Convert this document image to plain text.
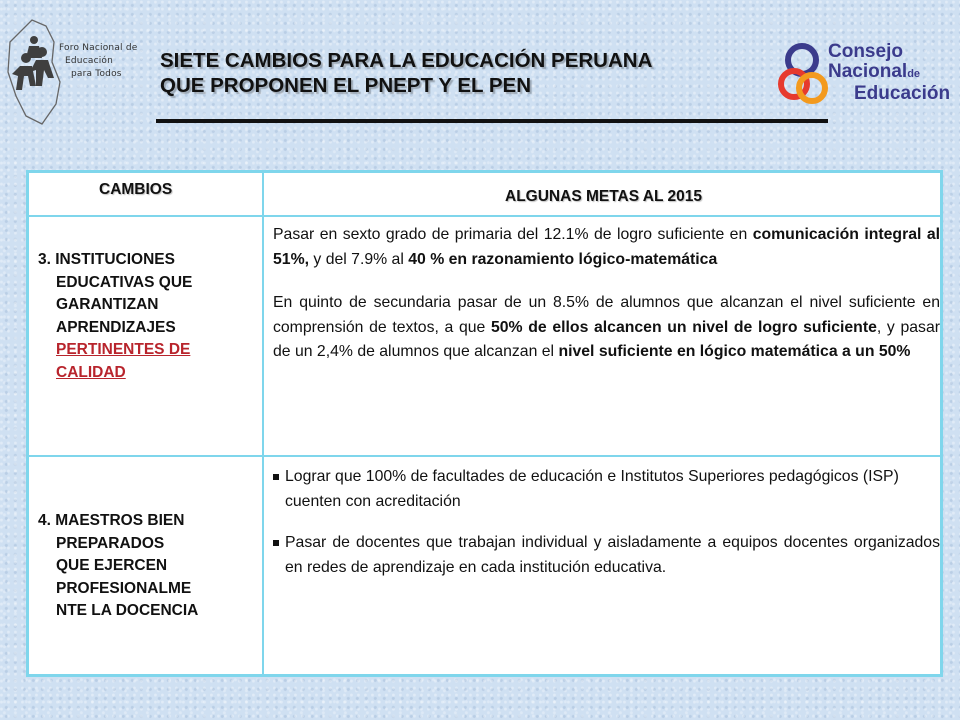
Foro Nacional de
Educación
para Todos
SIETE CAMBIOS PARA LA EDUCACIÓN PERUANA
QUE PROPONEN EL PNEPT Y EL PEN
Consejo
Nacionalde
Educación
CAMBIOS	ALGUNAS METAS AL 2015
3. INSTITUCIONES
EDUCATIVAS QUE
GARANTIZAN
APRENDIZAJES
PERTINENTES DE
CALIDAD

Pasar en sexto grado de primaria del 12.1% de logro suficiente en comunicación integral al 51%, y del 7.9% al 40 % en razonamiento lógico-matemática

En quinto de secundaria pasar de un 8.5% de alumnos que alcanzan el nivel suficiente en comprensión de textos, a que 50% de ellos alcancen un nivel de logro suficiente, y pasar de un 2,4% de alumnos que alcanzan el nivel suficiente en lógico matemática a un 50%

4. MAESTROS BIEN
PREPARADOS
QUE EJERCEN
PROFESIONALME
NTE LA DOCENCIA
Lograr que 100% de facultades de educación e Institutos Superiores pedagógicos (ISP) cuenten con acreditación
Pasar de docentes que trabajan individual y aisladamente a equipos docentes organizados en redes de aprendizaje en cada institución educativa.
